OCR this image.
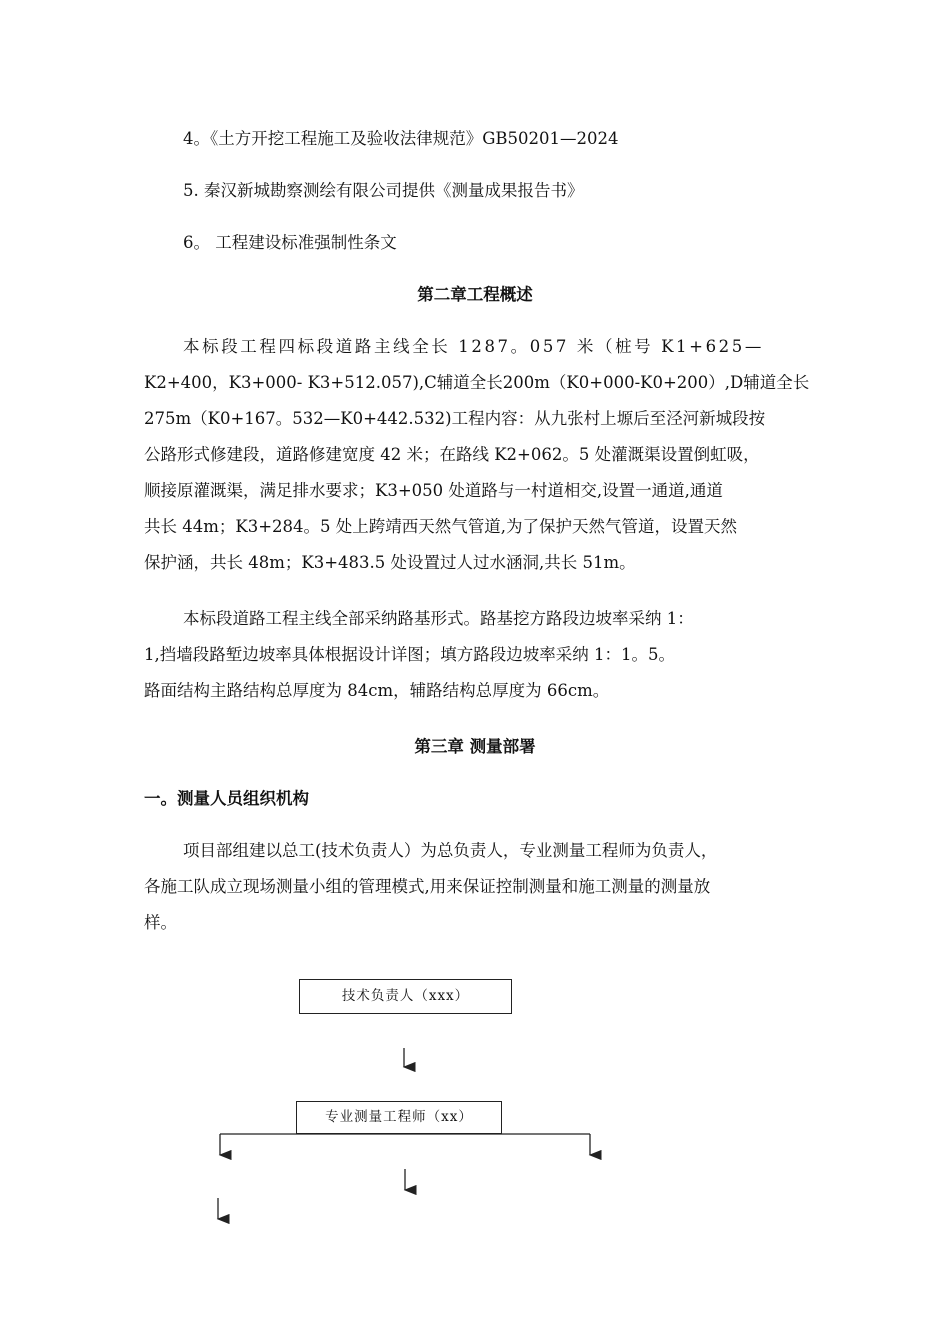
4。《土方开挖工程施工及验收法律规范》GB50201—2024
5. 秦汉新城勘察测绘有限公司提供《测量成果报告书》
6。 工程建设标准强制性条文
第二章工程概述
本标段工程四标段道路主线全长 1287。057 米（桩号 K1+625—
K2+400，K3+000- K3+512.057),C辅道全长200m（K0+000-K0+200）,D辅道全长
275m（K0+167。532—K0+442.532)工程内容：从九张村上塬后至泾河新城段按
公路形式修建段，道路修建宽度 42 米；在路线 K2+062。5 处灌溉渠设置倒虹吸，
顺接原灌溉渠，满足排水要求；K3+050 处道路与一村道相交,设置一通道,通道
共长 44m；K3+284。5 处上跨靖西天然气管道,为了保护天然气管道，设置天然
保护涵，共长 48m；K3+483.5 处设置过人过水涵洞,共长 51m。
本标段道路工程主线全部采纳路基形式。路基挖方路段边坡率采纳 1：
1,挡墙段路堑边坡率具体根据设计详图；填方路段边坡率采纳 1：1。5。
路面结构主路结构总厚度为 84cm，辅路结构总厚度为 66cm。
第三章 测量部署
一。测量人员组织机构
项目部组建以总工(技术负责人）为总负责人，专业测量工程师为负责人，
各施工队成立现场测量小组的管理模式,用来保证控制测量和施工测量的测量放
样。
技术负责人（xxx）
专业测量工程师（xx）
